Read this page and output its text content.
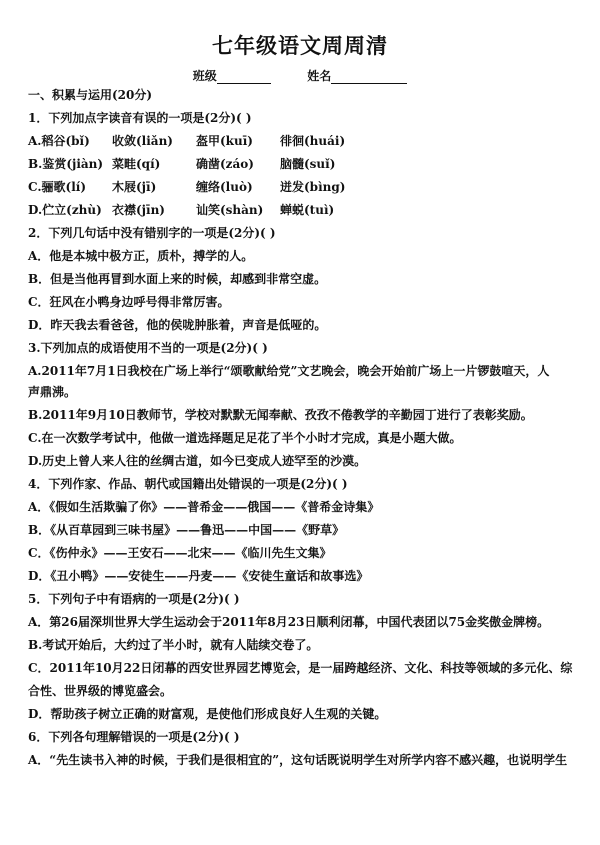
七年级语文周周清
班级	姓名
一、积累与运用(20分)
1．下列加点字读音有误的一项是(2分)( )
A.稻谷(bǐ)	收敛(liǎn)	盔甲(kuī)	徘徊(huái)
B.鉴赏(jiàn) 菜畦(qí)	确凿(záo)	脑髓(suǐ)
C.骊歌(lí)	木屐(jī)	缠络(luò)	迸发(bìng)
D.伫立(zhù) 衣襟(jīn)	讪笑(shàn)	蝉蜕(tuì)
2．下列几句话中没有错别字的一项是(2分)( )
A．他是本城中极方正，质朴，搏学的人。
B．但是当他再冒到水面上来的时候，却感到非常空虚。
C．狂风在小鸭身边呼号得非常厉害。
D．昨天我去看爸爸，他的侯咙肿胀着，声音是低哑的。
3.下列加点的成语使用不当的一项是(2分)( )
A.2011年7月1日我校在广场上举行“颂歌献给党”文艺晚会，晚会开始前广场上一片锣鼓喧天，人
声鼎沸。
B.2011年9月10日教师节，学校对默默无闻奉献、孜孜不倦教学的辛勤园丁进行了表彰奖励。
C.在一次数学考试中，他做一道选择题足足花了半个小时才完成，真是小题大做。
D.历史上曾人来人往的丝绸古道，如今已变成人迹罕至的沙漠。
4．下列作家、作品、朝代或国籍出处错误的一项是(2分)( )
A．《假如生活欺骗了你》——普希金——俄国——《普希金诗集》
B．《从百草园到三味书屋》——鲁迅——中国——《野草》
C．《伤仲永》——王安石——北宋——《临川先生文集》
D．《丑小鸭》——安徒生——丹麦——《安徒生童话和故事选》
5．下列句子中有语病的一项是(2分)( )
A．第26届深圳世界大学生运动会于2011年8月23日顺利闭幕，中国代表团以75金奖傲金牌榜。
B.考试开始后，大约过了半小时，就有人陆续交卷了。
C．2011年10月22日闭幕的西安世界园艺博览会，是一届跨越经济、文化、科技等领域的多元化、综
合性、世界级的博览盛会。
D．帮助孩子树立正确的财富观，是使他们形成良好人生观的关键。
6．下列各句理解错误的一项是(2分)( )
A．“先生读书入神的时候，于我们是很相宜的”，这句话既说明学生对所学内容不感兴趣，也说明学生
